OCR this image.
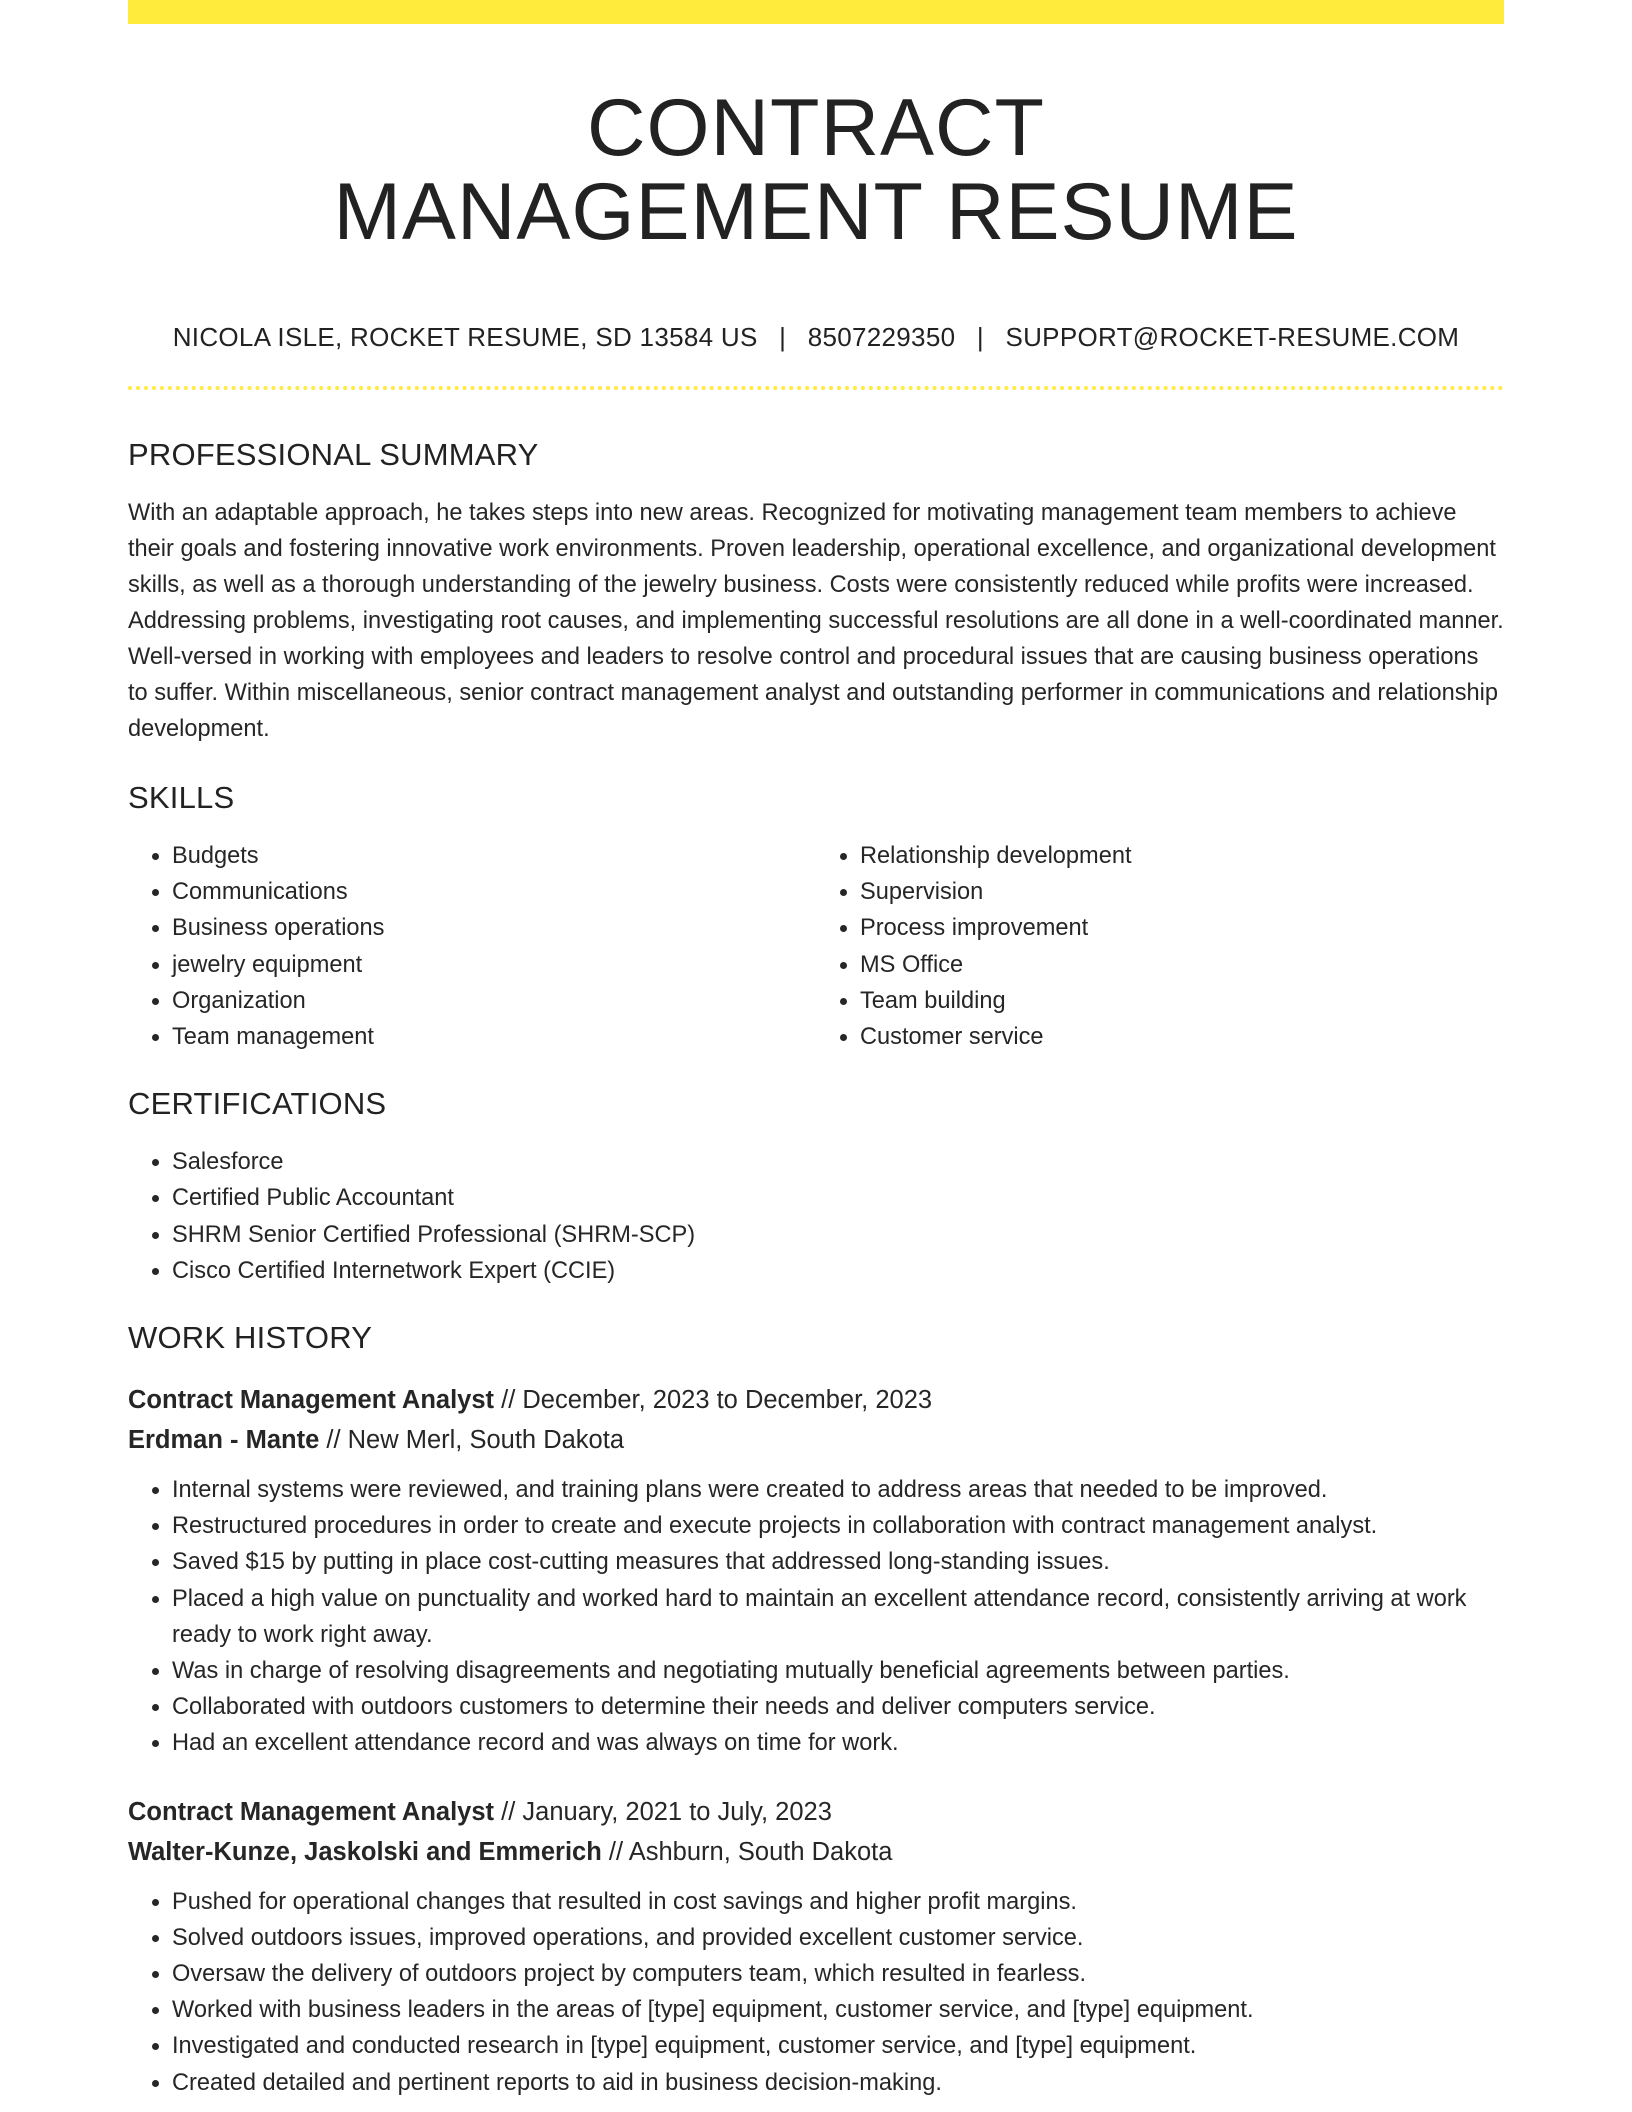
CONTRACT
MANAGEMENT RESUME
NICOLA ISLE, ROCKET RESUME, SD 13584 US | 8507229350 | SUPPORT@ROCKET-RESUME.COM
PROFESSIONAL SUMMARY
With an adaptable approach, he takes steps into new areas. Recognized for motivating management team members to achieve their goals and fostering innovative work environments. Proven leadership, operational excellence, and organizational development skills, as well as a thorough understanding of the jewelry business. Costs were consistently reduced while profits were increased. Addressing problems, investigating root causes, and implementing successful resolutions are all done in a well-coordinated manner. Well-versed in working with employees and leaders to resolve control and procedural issues that are causing business operations to suffer. Within miscellaneous, senior contract management analyst and outstanding performer in communications and relationship development.
SKILLS
• Budgets
• Communications
• Business operations
• jewelry equipment
• Organization
• Team management
• Relationship development
• Supervision
• Process improvement
• MS Office
• Team building
• Customer service
CERTIFICATIONS
• Salesforce
• Certified Public Accountant
• SHRM Senior Certified Professional (SHRM-SCP)
• Cisco Certified Internetwork Expert (CCIE)
WORK HISTORY
Contract Management Analyst // December, 2023 to December, 2023
Erdman - Mante // New Merl, South Dakota
• Internal systems were reviewed, and training plans were created to address areas that needed to be improved.
• Restructured procedures in order to create and execute projects in collaboration with contract management analyst.
• Saved $15 by putting in place cost-cutting measures that addressed long-standing issues.
• Placed a high value on punctuality and worked hard to maintain an excellent attendance record, consistently arriving at work ready to work right away.
• Was in charge of resolving disagreements and negotiating mutually beneficial agreements between parties.
• Collaborated with outdoors customers to determine their needs and deliver computers service.
• Had an excellent attendance record and was always on time for work.
Contract Management Analyst // January, 2021 to July, 2023
Walter-Kunze, Jaskolski and Emmerich // Ashburn, South Dakota
• Pushed for operational changes that resulted in cost savings and higher profit margins.
• Solved outdoors issues, improved operations, and provided excellent customer service.
• Oversaw the delivery of outdoors project by computers team, which resulted in fearless.
• Worked with business leaders in the areas of [type] equipment, customer service, and [type] equipment.
• Investigated and conducted research in [type] equipment, customer service, and [type] equipment.
• Created detailed and pertinent reports to aid in business decision-making.
